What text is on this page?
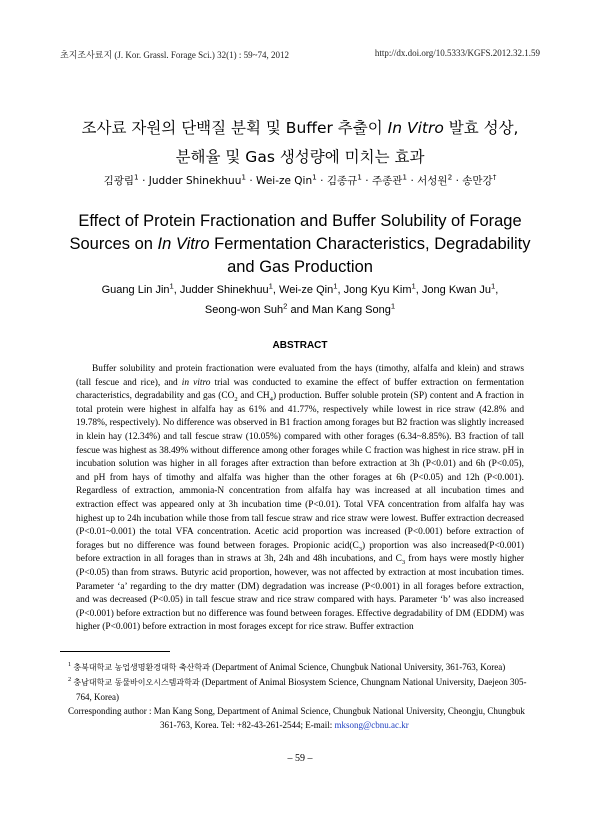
초지조사료지 (J. Kor. Grassl. Forage Sci.) 32(1) : 59~74, 2012	http://dx.doi.org/10.5333/KGFS.2012.32.1.59
조사료 자원의 단백질 분획 및 Buffer 추출이 In Vitro 발효 성상,
분해율 및 Gas 생성량에 미치는 효과
김광림$^1$ · Judder Shinekhuu$^1$ · Wei-ze Qin$^1$ · 김종규$^1$ · 주종관$^1$ · 서성원$^2$ · 송만강†
Effect of Protein Fractionation and Buffer Solubility of Forage
Sources on In Vitro Fermentation Characteristics, Degradability
and Gas Production
Guang Lin Jin$^1$, Judder Shinekhuu$^1$, Wei-ze Qin$^1$, Jong Kyu Kim$^1$, Jong Kwan Ju$^1$,
Seong-won Suh$^2$ and Man Kang Song$^1$
ABSTRACT
Buffer solubility and protein fractionation were evaluated from the hays (timothy, alfalfa and klein) and straws (tall fescue and rice), and in vitro trial was conducted to examine the effect of buffer extraction on fermentation characteristics, degradability and gas ($CO_2$ and $CH_4$) production. Buffer soluble protein (SP) content and A fraction in total protein were highest in alfalfa hay as 61% and 41.77%, respectively while lowest in rice straw (42.8% and 19.78%, respectively). No difference was observed in B1 fraction among forages but B2 fraction was slightly increased in klein hay (12.34%) and tall fescue straw (10.05%) compared with other forages (6.34~8.85%). B3 fraction of tall fescue was highest as 38.49% without difference among other forages while C fraction was highest in rice straw. pH in incubation solution was higher in all forages after extraction than before extraction at 3h (P<0.01) and 6h (P<0.05), and pH from hays of timothy and alfalfa was higher than the other forages at 6h (P<0.05) and 12h (P<0.001). Regardless of extraction, ammonia-N concentration from alfalfa hay was increased at all incubation times and extraction effect was appeared only at 3h incubation time (P<0.01). Total VFA concentration from alfalfa hay was highest up to 24h incubation while those from tall fescue straw and rice straw were lowest. Buffer extraction decreased (P<0.01~0.001) the total VFA concentration. Acetic acid proportion was increased (P<0.001) before extraction of forages but no difference was found between forages. Propionic $acid(C_3)$ proportion was also increased(P<0.001) before extraction in all forages than in straws at 3h, 24h and 48h incubations, and $C_3$ from hays were mostly higher (P<0.05) than from straws. Butyric acid proportion, however, was not affected by extraction at most incubation times. Parameter ‘a’ regarding to the dry matter (DM) degradation was increase (P<0.001) in all forages before extraction, and was decreased (P<0.05) in tall fescue straw and rice straw compared with hays. Parameter ‘b’ was also increased (P<0.001) before extraction but no difference was found between forages. Effective degradability of DM (EDDM) was higher (P<0.001) before extraction in most forages except for rice straw. Buffer extraction

$^1$ 충북대학교 농업생명환경대학 축산학과 (Department of Animal Science, Chungbuk National University, 361-763, Korea)

$^2$ 충남대학교 동물바이오시스템과학과 (Department of Animal Biosystem Science, Chungnam National University, Daejeon 305-764, Korea)

Corresponding author : Man Kang Song, Department of Animal Science, Chungbuk National University, Cheongju, Chungbuk 361-763, Korea. Tel: +82-43-261-2544; E-mail: mksong@cbnu.ac.kr

– 59 –
